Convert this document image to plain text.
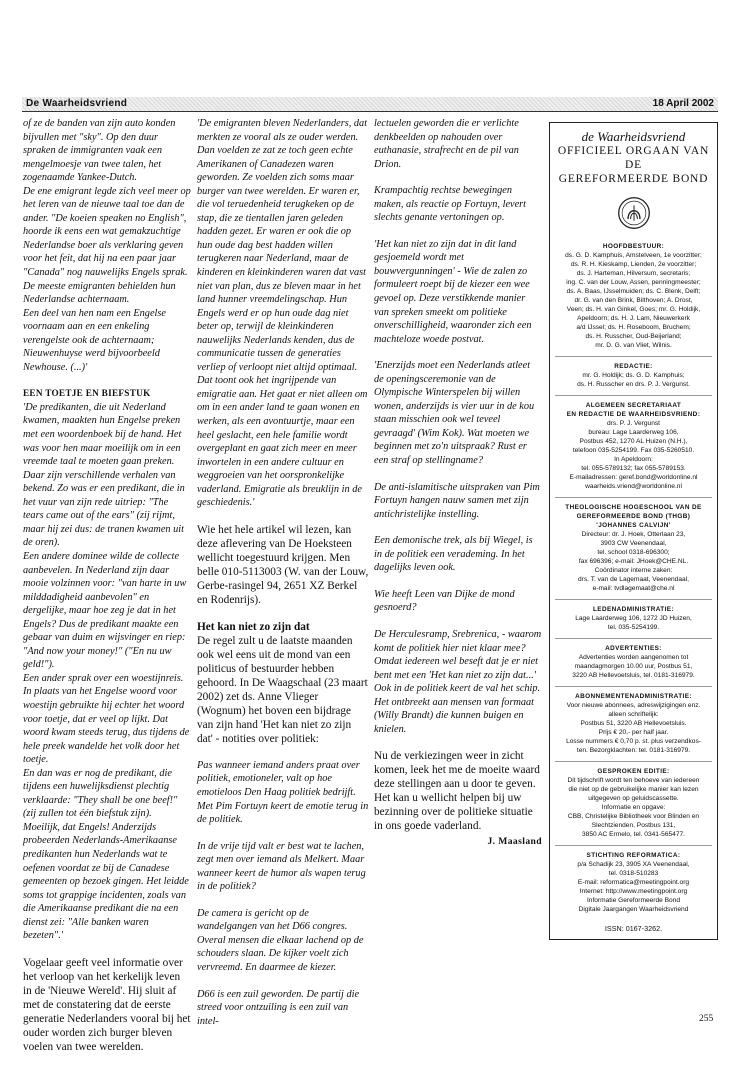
De Waarheidsvriend	18 April 2002

of ze de banden van zijn auto konden bijvullen met "sky". Op den duur spraken de immigranten vaak een mengelmoesje van twee talen, het zogenaamde Yankee-Dutch.

De ene emigrant legde zich veel meer op het leren van de nieuwe taal toe dan de ander. "De koeien speaken no English", hoorde ik eens een wat gemakzuchtige Nederlandse boer als verklaring geven voor het feit, dat hij na een paar jaar "Canada" nog nauwelijks Engels sprak.

De meeste emigranten behielden hun Nederlandse achternaam.

Een deel van hen nam een Engelse voornaam aan en een enkeling verengelste ook de achternaam; Nieuwenhuyse werd bijvoorbeeld Newhouse. (...)'

EEN TOETJE EN BIEFSTUK

'De predikanten, die uit Nederland kwamen, maakten hun Engelse preken met een woordenboek bij de hand. Het was voor hen maar moeilijk om in een vreemde taal te moeten gaan preken. Daar zijn verschillende verhalen van bekend. Zo was er een predikant, die in het vuur van zijn rede uitriep: "The tears came out of the ears" (zij rijmt, maar hij zei dus: de tranen kwamen uit de oren).

Een andere dominee wilde de collecte aanbevelen. In Nederland zijn daar mooie volzinnen voor: "van harte in uw milddadigheid aanbevolen" en dergelijke, maar hoe zeg je dat in het Engels? Dus de predikant maakte een gebaar van duim en wijsvinger en riep: "And now your money!" ("En nu uw geld!").

Een ander sprak over een woestijnreis. In plaats van het Engelse woord voor woestijn gebruikte hij echter het woord voor toetje, dat er veel op lijkt. Dat woord kwam steeds terug, dus tijdens de hele preek wandelde het volk door het toetje.

En dan was er nog de predikant, die tijdens een huwelijksdienst plechtig verklaarde: "They shall be one beef!" (zij zullen tot één biefstuk zijn).

Moeilijk, dat Engels! Anderzijds probeerden Nederlands-Amerikaanse predikanten hun Nederlands wat te oefenen voordat ze bij de Canadese gemeenten op bezoek gingen. Het leidde soms tot grappige incidenten, zoals van die Amerikaanse predikant die na een dienst zei: "Alle banken waren bezeten".'

Vogelaar geeft veel informatie over het verloop van het kerkelijk leven in de 'Nieuwe Wereld'. Hij sluit af met de constatering dat de eerste generatie Nederlanders vooral bij het ouder worden zich burger bleven voelen van twee werelden.

'De emigranten bleven Nederlanders, dat merkten ze vooral als ze ouder werden. Dan voelden ze zat ze toch geen echte Amerikanen of Canadezen waren geworden. Ze voelden zich soms maar burger van twee werelden. Er waren er, die vol teruedenheid terugkeken op de stap, die ze tientallen jaren geleden hadden gezet. Er waren er ook die op hun oude dag best hadden willen terugkeren naar Nederland, maar de kinderen en kleinkinderen waren dat vast niet van plan, dus ze bleven maar in het land hunner vreemdelingschap. Hun Engels werd er op hun oude dag niet beter op, terwijl de kleinkinderen nauwelijks Nederlands kenden, dus de communicatie tussen de generaties verliep of verloopt niet altijd optimaal.

Dat toont ook het ingrijpende van emigratie aan. Het gaat er niet alleen om om in een ander land te gaan wonen en werken, als een avontuurtje, maar een heel geslacht, een hele familie wordt overgeplant en gaat zich meer en meer inwortelen in een andere cultuur en weggroeien van het oorspronkelijke vaderland. Emigratie als breuklijn in de geschiedenis.'

Wie het hele artikel wil lezen, kan deze aflevering van De Hoeksteen wellicht toegestuurd krijgen. Men belle 010-5113003 (W. van der Louw, Gerbe-rasingel 94, 2651 XZ Berkel en Rodenrijs).

Het kan niet zo zijn dat

De regel zult u de laatste maanden ook wel eens uit de mond van een politicus of bestuurder hebben gehoord. In De Waagschaal (23 maart 2002) zet ds. Anne Vlieger (Wognum) het boven een bijdrage van zijn hand 'Het kan niet zo zijn dat' - notities over politiek:

Pas wanneer iemand anders praat over politiek, emotioneler, valt op hoe emotieloos Den Haag politiek bedrijft. Met Pim Fortuyn keert de emotie terug in de politiek.

In de vrije tijd valt er best wat te lachen, zegt men over iemand als Melkert. Maar wanneer keert de humor als wapen terug in de politiek?

De camera is gericht op de wandelgangen van het D66 congres. Overal mensen die elkaar lachend op de schouders slaan. De kijker voelt zich vervreemd. En daarmee de kiezer.

D66 is een zuil geworden. De partij die streed voor ontzuiling is een zuil van intel-

lectuelen geworden die er verlichte denkbeelden op nahouden over euthanasie, strafrecht en de pil van Drion.

Krampachtig rechtse bewegingen maken, als reactie op Fortuyn, levert slechts genante vertoningen op.

'Het kan niet zo zijn dat in dit land gesjoemeld wordt met bouwvergunningen' - Wie de zalen zo formuleert roept bij de kiezer een wee gevoel op. Deze verstikkende manier van spreken smeekt om politieke onverschilligheid, waaronder zich een machteloze woede postvat.

'Enerzijds moet een Nederlands atleet de openingsceremonie van de Olympische Winterspelen bij willen wonen, anderzijds is vier uur in de kou staan misschien ook wel teveel gevraagd' (Wim Kok). Wat moeten we beginnen met zo'n uitspraak? Rust er een straf op stellingname?

De anti-islamitische uitspraken van Pim Fortuyn hangen nauw samen met zijn antichristelijke instelling.

Een demonische trek, als bij Wiegel, is in de politiek een verademing. In het dagelijks leven ook.

Wie heeft Leen van Dijke de mond gesnoerd?

De Herculesramp, Srebrenica, - waarom komt de politiek hier niet klaar mee? Omdat iedereen wel beseft dat je er niet bent met een 'Het kan niet zo zijn dat...' Ook in de politiek keert de val het schip. Het ontbreekt aan mensen van formaat (Willy Brandt) die kunnen buigen en knielen.

Nu de verkiezingen weer in zicht komen, leek het me de moeite waard deze stellingen aan u door te geven. Het kan u wellicht helpen bij uw bezinning over de politieke situatie in ons goede vaderland.

J. Maasland

de Waarheidsvriend

OFFICIEEL ORGAAN VAN DE

GEREFORMEERDE BOND

HOOFDBESTUUR:

ds. G. D. Kamphuis, Amstelveen, 1e voorzitter;

ds. R. H. Kieskamp, Lienden, 2e voorzitter;

ds. J. Harteman, Hilversum, secretaris;

ing. C. van der Louw, Assen, penningmeester;

ds. A. Baas, IJsselmuiden; ds. C. Blenk, Delft;

dr. G. van den Brink, Bilthoven; A. Drost,

Veen; ds. H. van Ginkel, Goes; mr. G. Holdijk,

Apeldoorn; ds. H. J. Lam, Nieuwerkerk

a/d IJssel; ds. H. Roseboom, Bruchem;

ds. H. Russcher, Oud-Beijerland;

mr. D. G. van Vliet, Wilnis.

REDACTIE:

mr. G. Holdijk; ds. G. D. Kamphuis;

ds. H. Russcher en drs. P. J. Vergunst.

ALGEMEEN SECRETARIAAT

EN REDACTIE DE WAARHEIDSVRIEND:

drs. P. J. Vergunst

bureau: Lage Laarderweg 106,

Postbus 452, 1270 AL Huizen (N.H.),

telefoon 035-5254199. Fax 035-5260510.

In Apeldoorn:

tel. 055-5789132; fax 055-5789153.

E-mailadressen: geref.bond@worldonline.nl

waarheids.vriend@worldonline.nl

THEOLOGISCHE HOGESCHOOL VAN DE

GEREFORMEERDE BOND (THGB)

'JOHANNES CALVIJN'

Directeur: dr. J. Hoek, Otterlaan 23,

3903 CW Veenendaal,

tel. school 0318-696300;

fax 696396; e-mail: JHoek@CHE.NL.

Coördinator interne zaken:

drs. T. van de Lagemaat, Veenendaal,

e-mail: tvdlagemaat@che.nl

LEDENADMINISTRATIE:

Lage Laarderweg 106, 1272 JD Huizen,

tel. 035-5254199.

ADVERTENTIES:

Advertenties worden aangenomen tot

maandagmorgen 10.00 uur, Postbus 51,

3220 AB Hellevoetsluis, tel. 0181-316979.

ABONNEMENTENADMINISTRATIE:

Voor nieuwe abonnees, adreswijzigingen enz.

alleen schriftelijk:

Postbus 51, 3220 AB Hellevoetsluis.

Prijs € 20,- per half jaar.

Losse nummers € 0,70 p. st. plus verzendkos-

ten. Bezorgklachten: tel. 0181-316979.

GESPROKEN EDITIE:

Dit tijdschrift wordt ten behoeve van iedereen

die niet op de gebruikelijke manier kan lezen

uitgegeven op geluidscassette.

Informatie en opgave:

CBB, Christelijke Bibliotheek voor Blinden en

Slechtzienden, Postbus 131,

3850 AC Ermelo, tel. 0341-565477.

STICHTING REFORMATICA:

p/a Schadijk 23, 3905 XA Veenendaal,

tel. 0318-510283

E-mail: reformatica@meetingpoint.org

Internet: http://www.meetingpoint.org

Informatie Gereformeerde Bond

Digitale Jaargangen Waarheidsvriend

ISSN: 0167-3262.

255
